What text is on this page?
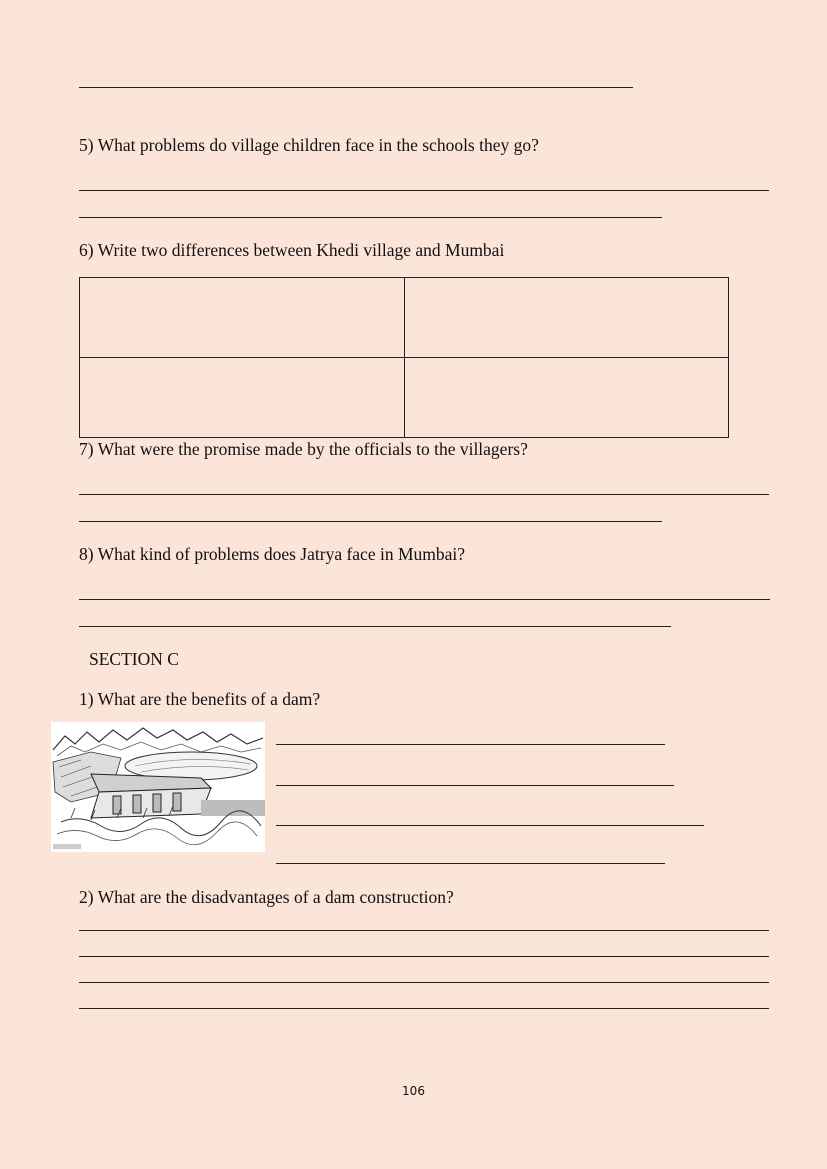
5) What problems do village children face in the schools they go?
6) Write two differences between Khedi village and Mumbai

7) What were the promise made by the officials to the villagers?
8) What kind of problems does Jatrya face in Mumbai?
SECTION C
1) What are the benefits of a dam?
2) What are the disadvantages of a dam construction?
106
